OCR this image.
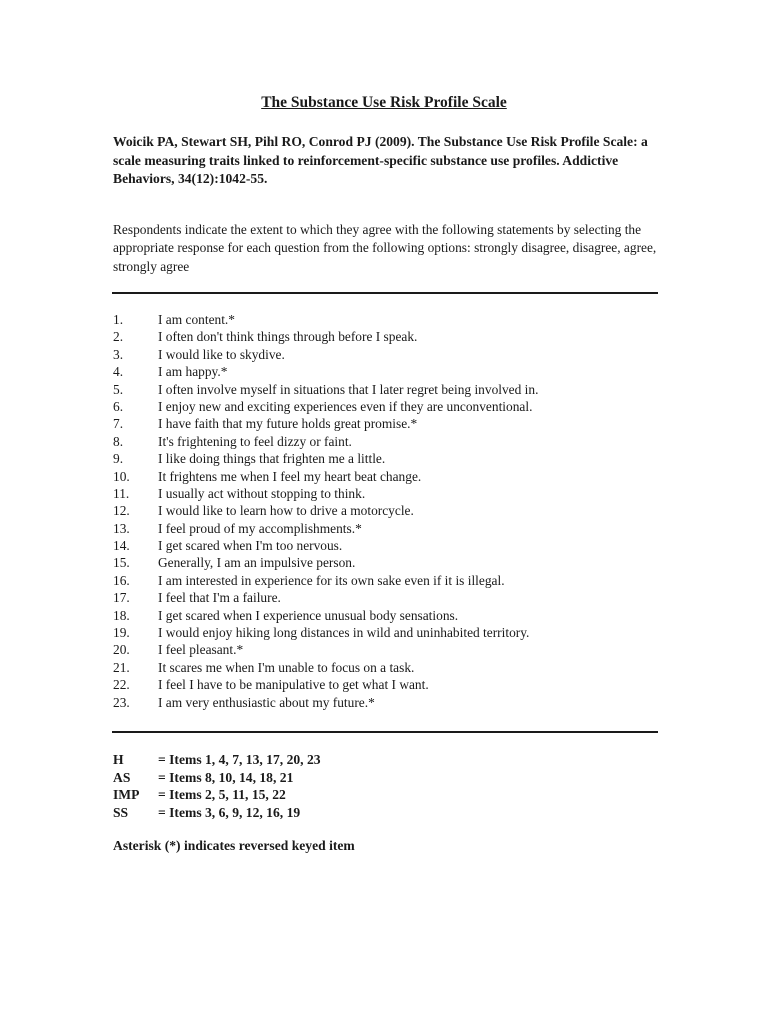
The Substance Use Risk Profile Scale

Woicik PA, Stewart SH, Pihl RO, Conrod PJ (2009). The Substance Use Risk Profile Scale: a scale measuring traits linked to reinforcement-specific substance use profiles. Addictive Behaviors, 34(12):1042-55.

Respondents indicate the extent to which they agree with the following statements by selecting the appropriate response for each question from the following options: strongly disagree, disagree, agree, strongly agree

1.	I am content.*
2.	I often don't think things through before I speak.
3.	I would like to skydive.
4.	I am happy.*
5.	I often involve myself in situations that I later regret being involved in.
6.	I enjoy new and exciting experiences even if they are unconventional.
7.	I have faith that my future holds great promise.*
8.	It's frightening to feel dizzy or faint.
9.	I like doing things that frighten me a little.
10. It frightens me when I feel my heart beat change.
11. I usually act without stopping to think.
12. I would like to learn how to drive a motorcycle.
13. I feel proud of my accomplishments.*
14. I get scared when I'm too nervous.
15. Generally, I am an impulsive person.
16. I am interested in experience for its own sake even if it is illegal.
17. I feel that I'm a failure.
18. I get scared when I experience unusual body sensations.
19. I would enjoy hiking long distances in wild and uninhabited territory.
20. I feel pleasant.*
21. It scares me when I'm unable to focus on a task.
22. I feel I have to be manipulative to get what I want.
23. I am very enthusiastic about my future.*
H	= Items 1, 4, 7, 13, 17, 20, 23
AS = Items 8, 10, 14, 18, 21
IMP = Items 2, 5, 11, 15, 22
SS = Items 3, 6, 9, 12, 16, 19

Asterisk (*) indicates reversed keyed item
